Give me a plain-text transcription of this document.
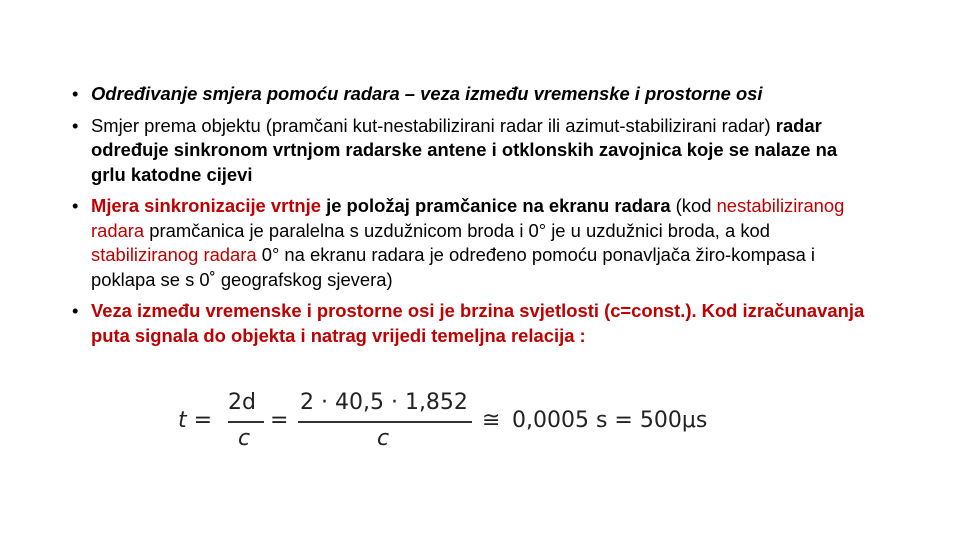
• Određivanje smjera pomoću radara – veza između vremenske i prostorne osi
• Smjer prema objektu (pramčani kut-nestabilizirani radar ili azimut-stabilizirani radar) radar određuje sinkronom vrtnjom radarske antene i otklonskih zavojnica koje se nalaze na grlu katodne cijevi
• Mjera sinkronizacije vrtnje je položaj pramčanice na ekranu radara (kod nestabiliziranog radara pramčanica je paralelna s uzdužnicom broda i 0° je u uzdužnici broda, a kod stabiliziranog radara 0° na ekranu radara je određeno pomoću ponavljača žiro-kompasa i poklapa se s 0˚ geografskog sjevera)
• Veza između vremenske i prostorne osi je brzina svjetlosti (c=const.). Kod izračunavanja puta signala do objekta i natrag vrijedi temeljna relacija :
t =
2d
c
=
2 · 40,5 · 1,852
c
≅ 0,0005 s = 500μs
